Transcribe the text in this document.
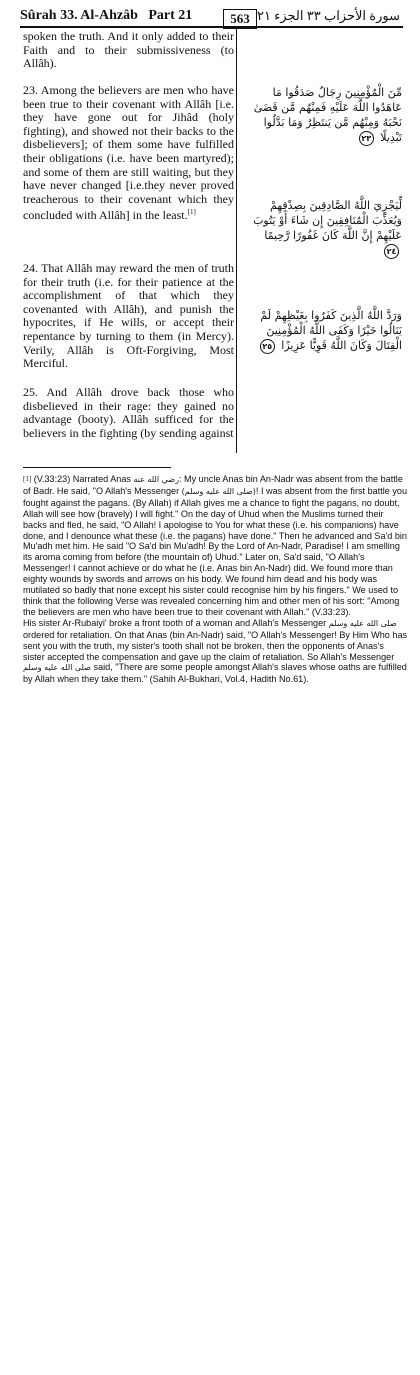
Sûrah 33. Al-Ahzâb Part 21	563 سورة الأحزاب ٣٣ الجزء ٢١

spoken the truth. And it only added to their Faith and to their submissiveness (to Allâh).

23. Among the believers are men who have been true to their covenant with Allâh [i.e. they have gone out for Jihâd (holy fighting), and showed not their backs to the disbelievers]; of them some have fulfilled their obligations (i.e. have been martyred); and some of them are still waiting, but they have never changed [i.e.they never proved treacherous to their covenant which they concluded with Allâh] in the least.[1]

24. That Allâh may reward the men of truth for their truth (i.e. for their patience at the accomplishment of that which they covenanted with Allâh), and punish the hypocrites, if He wills, or accept their repentance by turning to them (in Mercy). Verily, Allâh is Oft-Forgiving, Most Merciful.

25. And Allâh drove back those who disbelieved in their rage: they gained no advantage (booty). Allâh sufficed for the believers in the fighting (by sending against

مِّنَ الْمُؤْمِنِينَ رِجَالٌ صَدَقُوا مَا عَاهَدُوا اللَّهَ عَلَيْهِ فَمِنْهُم مَّن قَضَىٰ نَحْبَهُ وَمِنْهُم مَّن يَنتَظِرُ وَمَا بَدَّلُوا تَبْدِيلًا ٢٣
لِّيَجْزِيَ اللَّهُ الصَّادِقِينَ بِصِدْقِهِمْ وَيُعَذِّبَ الْمُنَافِقِينَ إِن شَاءَ أَوْ يَتُوبَ عَلَيْهِمْ إِنَّ اللَّهَ كَانَ غَفُورًا رَّحِيمًا ٢٤
وَرَدَّ اللَّهُ الَّذِينَ كَفَرُوا بِغَيْظِهِمْ لَمْ يَنَالُوا خَيْرًا وَكَفَى اللَّهُ الْمُؤْمِنِينَ الْقِتَالَ وَكَانَ اللَّهُ قَوِيًّا عَزِيزًا ٢٥

[1] (V.33:23) Narrated Anas رضي الله عنه: My uncle Anas bin An-Nadr was absent from the battle of Badr. He said, "O Allah's Messenger (صلى الله عليه وسلم)! I was absent from the first battle you fought against the pagans. (By Allah) if Allah gives me a chance to fight the pagans, no doubt, Allah will see how (bravely) I will fight." On the day of Uhud when the Muslims turned their backs and fled, he said, "O Allah! I apologise to You for what these (i.e. his companions) have done, and I denounce what these (i.e. the pagans) have done." Then he advanced and Sa'd bin Mu'adh met him. He said "O Sa'd bin Mu'adh! By the Lord of An-Nadr, Paradise! I am smelling its aroma coming from before (the mountain of) Uhud." Later on, Sa'd said, "O Allah's Messenger! I cannot achieve or do what he (i.e. Anas bin An-Nadr) did. We found more than eighty wounds by swords and arrows on his body. We found him dead and his body was mutilated so badly that none except his sister could recognise him by his fingers." We used to think that the following Verse was revealed concerning him and other men of his sort: "Among the believers are men who have been true to their covenant with Allah." (V.33:23).

His sister Ar-Rubaiyi' broke a front tooth of a woman and Allah's Messenger صلى الله عليه وسلم ordered for retaliation. On that Anas (bin An-Nadr) said, "O Allah's Messenger! By Him Who has sent you with the truth, my sister's tooth shall not be broken, then the opponents of Anas's sister accepted the compensation and gave up the claim of retaliation. So Allah's Messenger صلى الله عليه وسلم said, "There are some people amongst Allah's slaves whose oaths are fulfilled by Allah when they take them." (Sahih Al-Bukhari, Vol.4, Hadith No.61).
